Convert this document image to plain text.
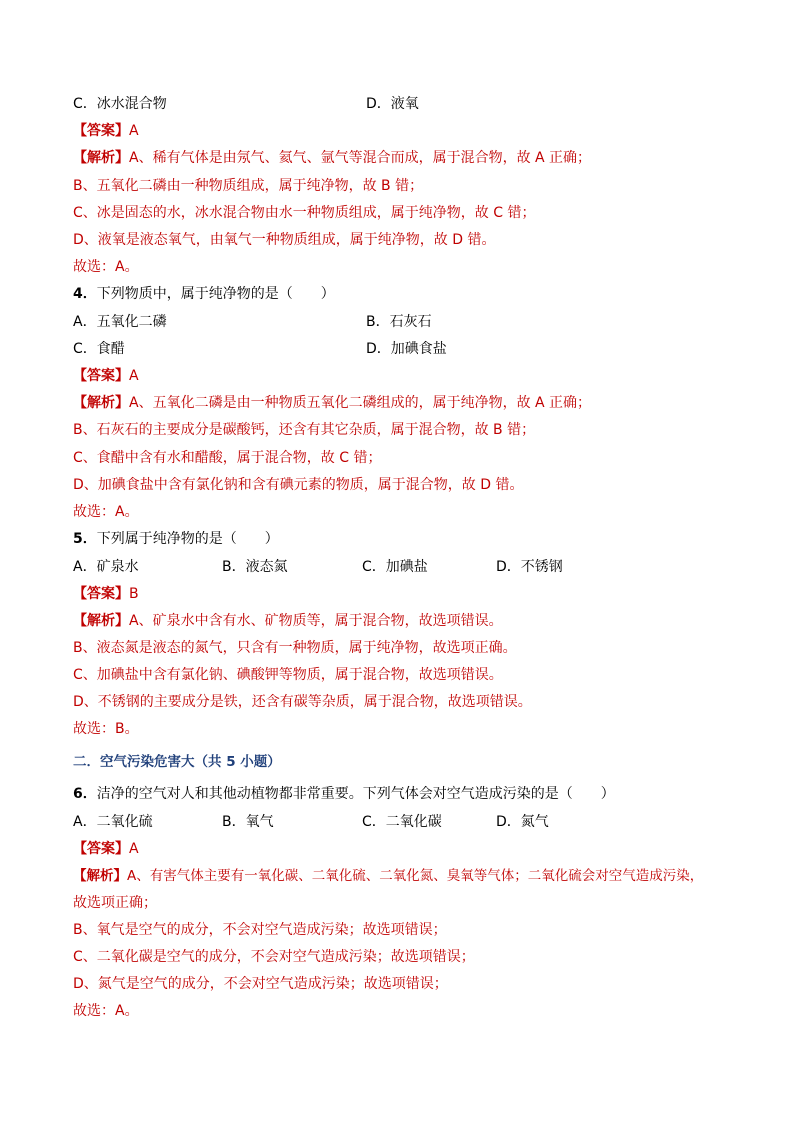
C．冰水混合物	D．液氧
【答案】A
【解析】A、稀有气体是由氖气、氦气、氩气等混合而成，属于混合物，故 A 正确；
B、五氧化二磷由一种物质组成，属于纯净物，故 B 错；
C、冰是固态的水，冰水混合物由水一种物质组成，属于纯净物，故 C 错；
D、液氧是液态氧气，由氧气一种物质组成，属于纯净物，故 D 错。
故选：A。
4．下列物质中，属于纯净物的是（　　）
A．五氧化二磷	B．石灰石
C．食醋	D．加碘食盐
【答案】A
【解析】A、五氧化二磷是由一种物质五氧化二磷组成的，属于纯净物，故 A 正确；
B、石灰石的主要成分是碳酸钙，还含有其它杂质，属于混合物，故 B 错；
C、食醋中含有水和醋酸，属于混合物，故 C 错；
D、加碘食盐中含有氯化钠和含有碘元素的物质，属于混合物，故 D 错。
故选：A。
5．下列属于纯净物的是（　　）
A．矿泉水	B．液态氮	C．加碘盐	D．不锈钢
【答案】B
【解析】A、矿泉水中含有水、矿物质等，属于混合物，故选项错误。
B、液态氮是液态的氮气，只含有一种物质，属于纯净物，故选项正确。
C、加碘盐中含有氯化钠、碘酸钾等物质，属于混合物，故选项错误。
D、不锈钢的主要成分是铁，还含有碳等杂质，属于混合物，故选项错误。
故选：B。
二．空气污染危害大（共 5 小题）
6．洁净的空气对人和其他动植物都非常重要。下列气体会对空气造成污染的是（　　）
A．二氧化硫	B．氧气	C．二氧化碳	D．氮气
【答案】A
【解析】A、有害气体主要有一氧化碳、二氧化硫、二氧化氮、臭氧等气体；二氧化硫会对空气造成污染，
故选项正确；
B、氧气是空气的成分，不会对空气造成污染；故选项错误；
C、二氧化碳是空气的成分，不会对空气造成污染；故选项错误；
D、氮气是空气的成分，不会对空气造成污染；故选项错误；
故选：A。
